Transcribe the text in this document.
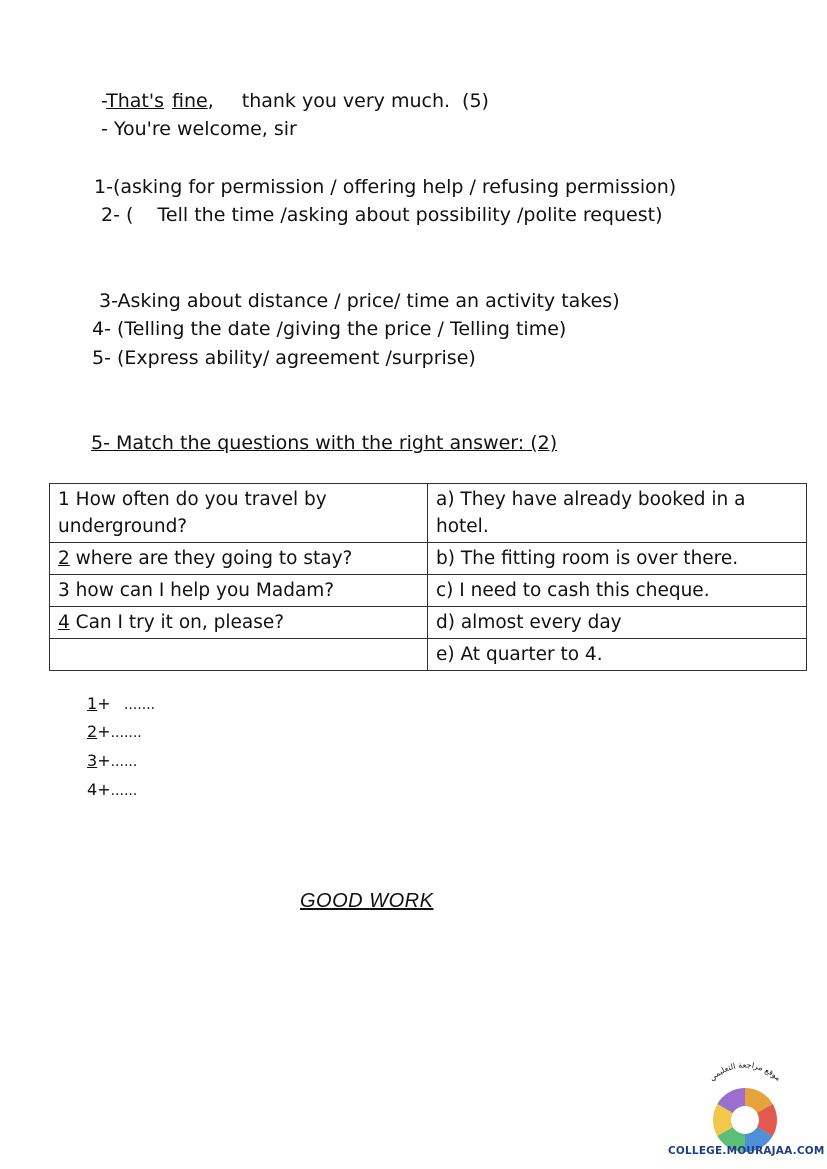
-That's fine, thank you very much. (5)
- You're welcome, sir
1-(asking for permission / offering help / refusing permission)
2- (    Tell the time /asking about possibility /polite request)
3-Asking about distance / price/ time an activity takes)
4- (Telling the date /giving the price / Telling time)
5- (Express ability/ agreement /surprise)
5- Match the questions with the right answer: (2)
1 How often do you travel by underground?	a) They have already booked in a hotel.
2 where are they going to stay?	b) The fitting room is over there.
3 how can I help you Madam?	c) I need to cash this cheque.
4 Can I try it on, please?	d) almost every day
	e) At quarter to 4.
1+   .......
2+.......
3+......
4+......
GOOD WORK
موقع مراجعة التعليمي
COLLEGE.MOURAJAA.COM
